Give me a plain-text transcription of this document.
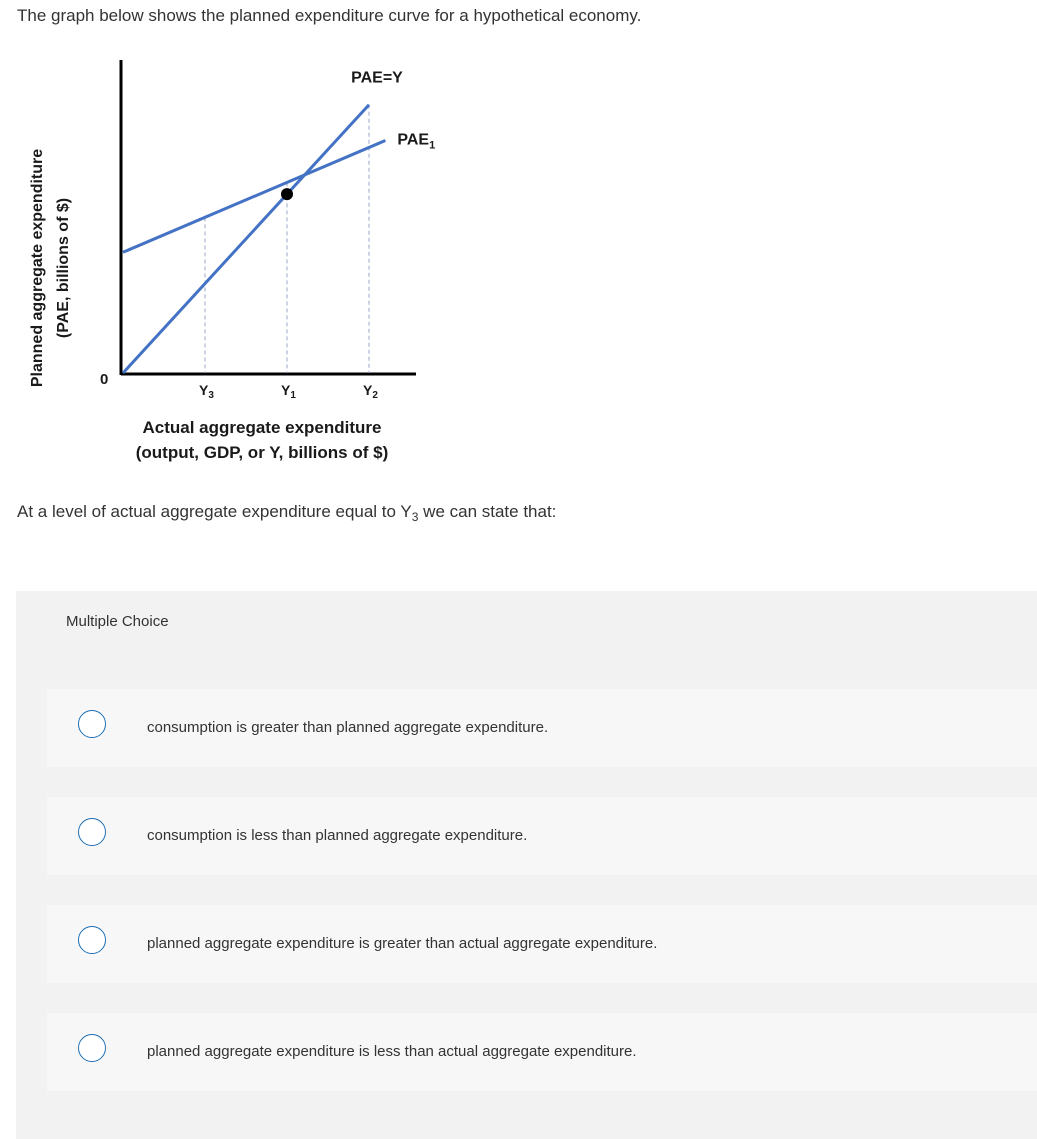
The graph below shows the planned expenditure curve for a hypothetical economy.
Planned aggregate expenditure (PAE, billions of $)
0
PAE=Y
$PAE_1$
$Y_3$	$Y_1$	$Y_2$
Actual aggregate expenditure
(output, GDP, or Y, billions of $)
At a level of actual aggregate expenditure equal to $Y_3$ we can state that:
Multiple Choice
consumption is greater than planned aggregate expenditure.
consumption is less than planned aggregate expenditure.
planned aggregate expenditure is greater than actual aggregate expenditure.
planned aggregate expenditure is less than actual aggregate expenditure.
